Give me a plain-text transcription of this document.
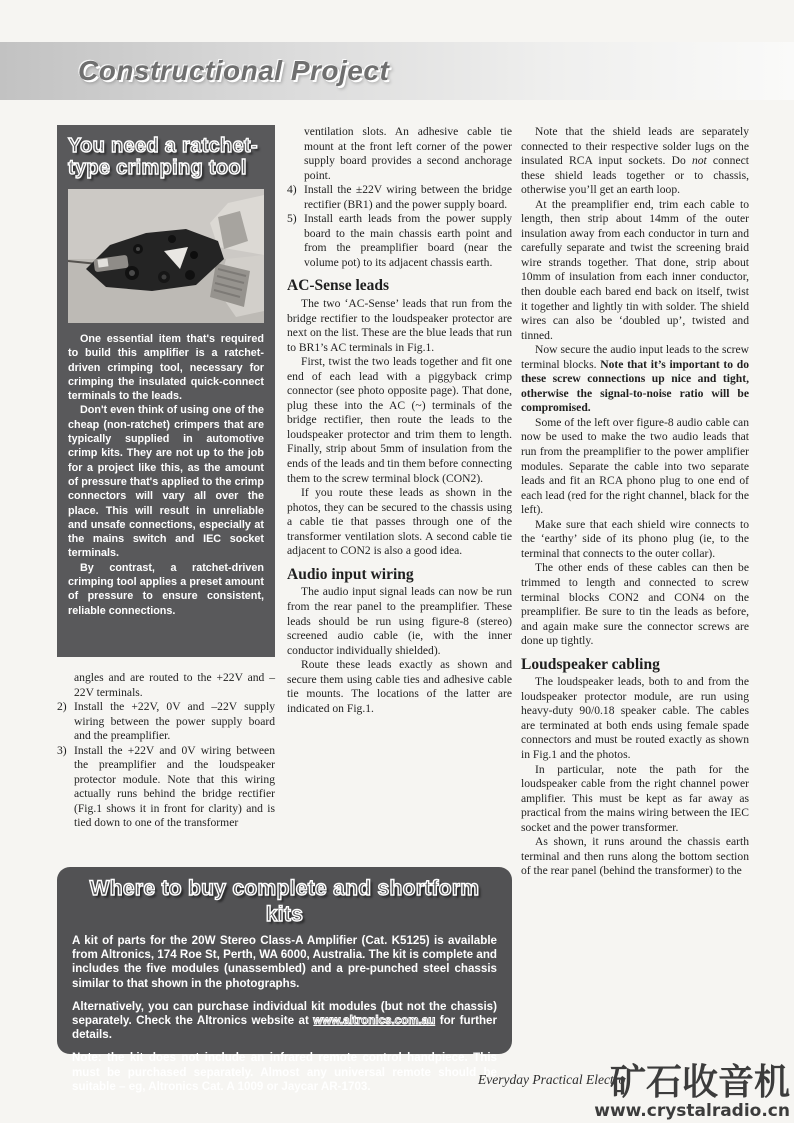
Constructional Project
You need a ratchet-type crimping tool

One essential item that's required to build this amplifier is a ratchet-driven crimping tool, necessary for crimping the insulated quick-connect terminals to the leads.

Don't even think of using one of the cheap (non-ratchet) crimpers that are typically supplied in automotive crimp kits. They are not up to the job for a project like this, as the amount of pressure that's applied to the crimp connectors will vary all over the place. This will result in unreliable and unsafe connections, especially at the mains switch and IEC socket terminals.

By contrast, a ratchet-driven crimping tool applies a preset amount of pressure to ensure consistent, reliable connections.

angles and are routed to the +22V and –22V terminals.
2) Install the +22V, 0V and –22V supply wiring between the power supply board and the preamplifier.
3) Install the +22V and 0V wiring between the preamplifier and the loudspeaker protector module. Note that this wiring actually runs behind the bridge rectifier (Fig.1 shows it in front for clarity) and is tied down to one of the transformer
ventilation slots. An adhesive cable tie mount at the front left corner of the power supply board provides a second anchorage point.
4) Install the ±22V wiring between the bridge rectifier (BR1) and the power supply board.
5) Install earth leads from the power supply board to the main chassis earth point and from the preamplifier board (near the volume pot) to its adjacent chassis earth.
AC-Sense leads

The two ‘AC-Sense’ leads that run from the bridge rectifier to the loudspeaker protector are next on the list. These are the blue leads that run to BR1’s AC terminals in Fig.1.

First, twist the two leads together and fit one end of each lead with a piggyback crimp connector (see photo opposite page). That done, plug these into the AC (~) terminals of the bridge rectifier, then route the leads to the loudspeaker protector and trim them to length. Finally, strip about 5mm of insulation from the ends of the leads and tin them before connecting them to the screw terminal block (CON2).

If you route these leads as shown in the photos, they can be secured to the chassis using a cable tie that passes through one of the transformer ventilation slots. A second cable tie adjacent to CON2 is also a good idea.

Audio input wiring

The audio input signal leads can now be run from the rear panel to the preamplifier. These leads should be run using figure-8 (stereo) screened audio cable (ie, with the inner conductor individually shielded).

Route these leads exactly as shown and secure them using cable ties and adhesive cable tie mounts. The locations of the latter are indicated on Fig.1.

Note that the shield leads are separately connected to their respective solder lugs on the insulated RCA input sockets. Do not connect these shield leads together or to chassis, otherwise you’ll get an earth loop.

At the preamplifier end, trim each cable to length, then strip about 14mm of the outer insulation away from each conductor in turn and carefully separate and twist the screening braid wire strands together. That done, strip about 10mm of insulation from each inner conductor, then double each bared end back on itself, twist it together and lightly tin with solder. The shield wires can also be ‘doubled up’, twisted and tinned.

Now secure the audio input leads to the screw terminal blocks. Note that it’s important to do these screw connections up nice and tight, otherwise the signal-to-noise ratio will be compromised.

Some of the left over figure-8 audio cable can now be used to make the two audio leads that run from the preamplifier to the power amplifier modules. Separate the cable into two separate leads and fit an RCA phono plug to one end of each lead (red for the right channel, black for the left).

Make sure that each shield wire connects to the ‘earthy’ side of its phono plug (ie, to the terminal that connects to the outer collar).

The other ends of these cables can then be trimmed to length and connected to screw terminal blocks CON2 and CON4 on the preamplifier. Be sure to tin the leads as before, and again make sure the connector screws are done up tightly.

Loudspeaker cabling

The loudspeaker leads, both to and from the loudspeaker protector module, are run using heavy-duty 90/0.18 speaker cable. The cables are terminated at both ends using female spade connectors and must be routed exactly as shown in Fig.1 and the photos.

In particular, note the path for the loudspeaker cable from the right channel power amplifier. This must be kept as far away as practical from the mains wiring between the IEC socket and the power transformer.

As shown, it runs around the chassis earth terminal and then runs along the bottom section of the rear panel (behind the transformer) to the

Where to buy complete and shortform kits

A kit of parts for the 20W Stereo Class-A Amplifier (Cat. K5125) is available from Altronics, 174 Roe St, Perth, WA 6000, Australia. The kit is complete and includes the five modules (unassembled) and a pre-punched steel chassis similar to that shown in the photographs.

Alternatively, you can purchase individual kit modules (but not the chassis) separately. Check the Altronics website at www.altronics.com.au for further details.

Note: the kit does not include an infrared remote control handpiece. This must be purchased separately. Almost any universal remote should be suitable – eg, Altronics Cat. A 1009 or Jaycar AR-1703.	Everyday Practical Electro
矿石收音机
www.crystalradio.cn
